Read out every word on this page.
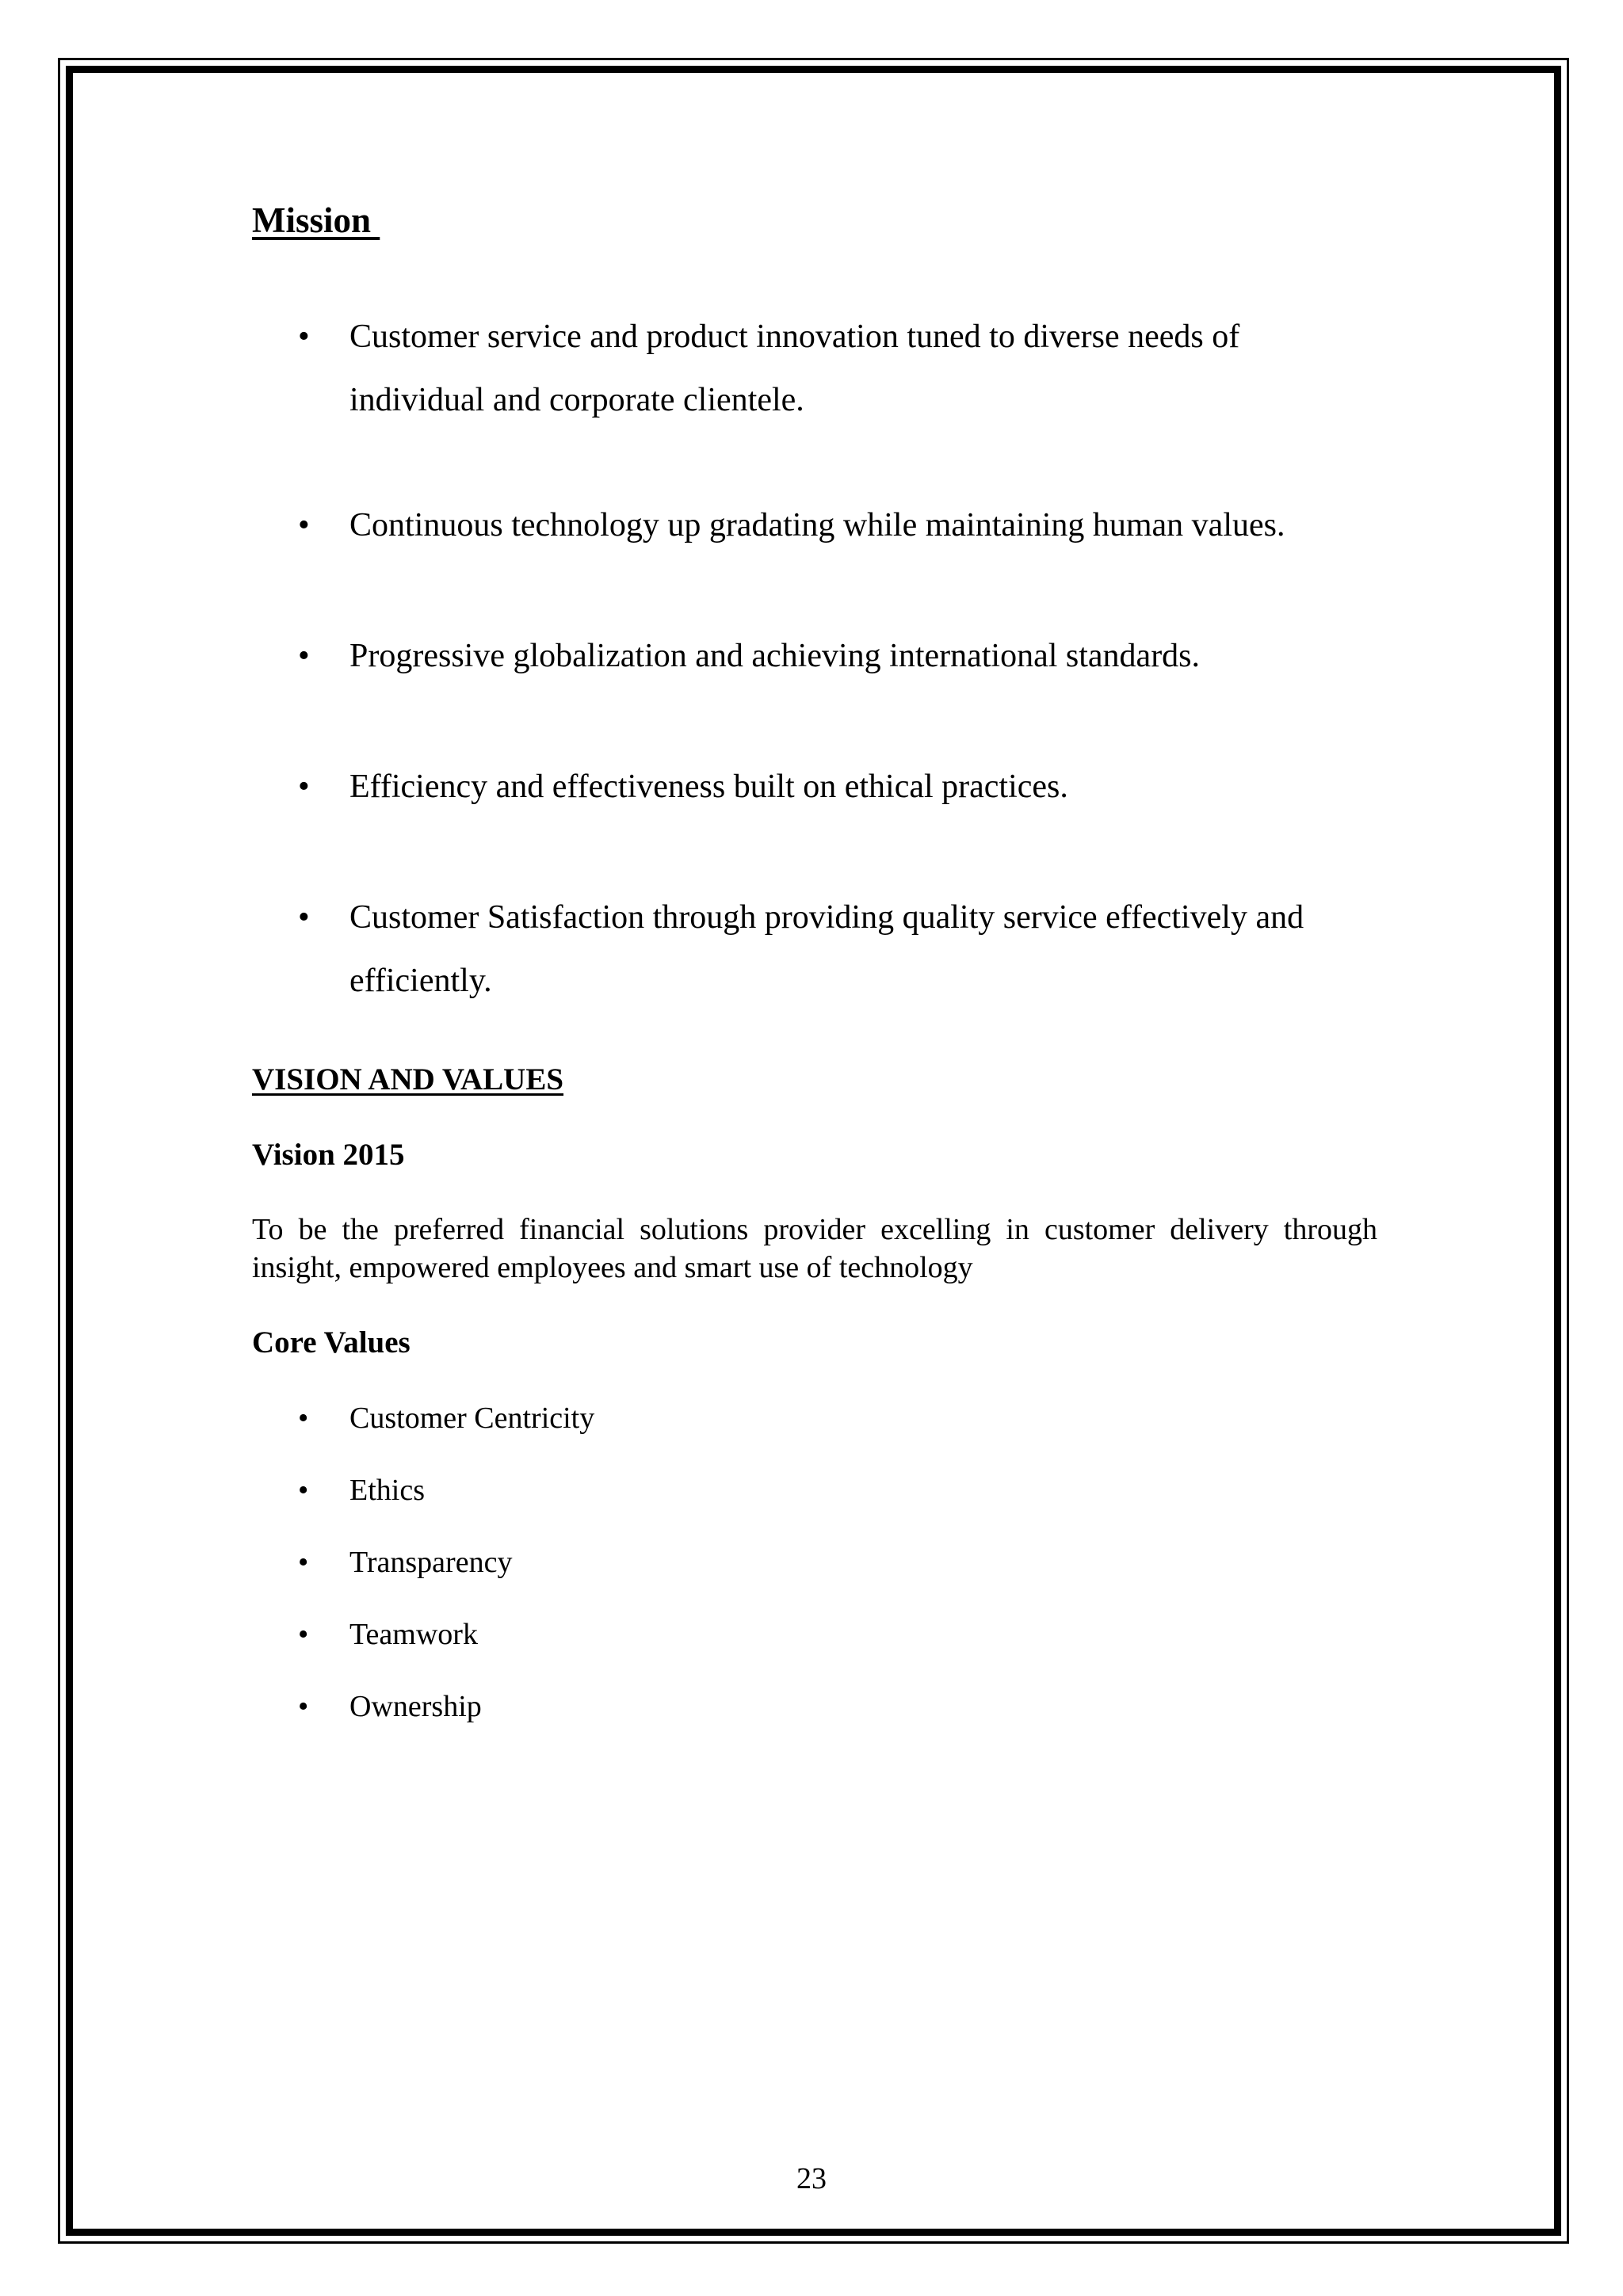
Mission
• Customer service and product innovation tuned to diverse needs of individual and corporate clientele.
• Continuous technology up gradating while maintaining human values.
• Progressive globalization and achieving international standards.
• Efficiency and effectiveness built on ethical practices.
• Customer Satisfaction through providing quality service effectively and efficiently.
VISION AND VALUES
Vision 2015

To be the preferred financial solutions provider excelling in customer delivery through insight, empowered employees and smart use of technology

Core Values
• Customer Centricity
• Ethics
• Transparency
• Teamwork
• Ownership

23
